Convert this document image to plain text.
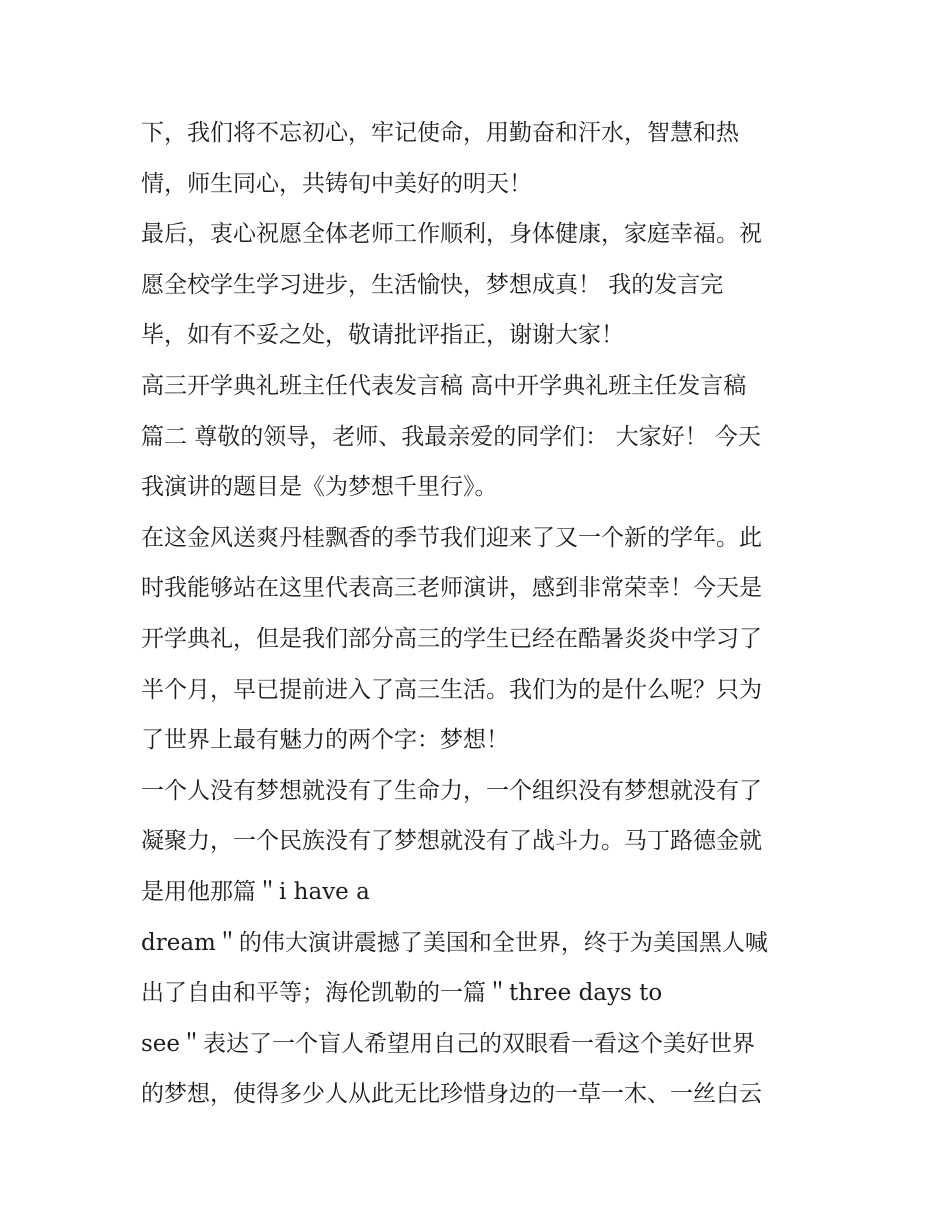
下，我们将不忘初心，牢记使命，用勤奋和汗水，智慧和热
情，师生同心，共铸旬中美好的明天！
最后，衷心祝愿全体老师工作顺利，身体健康，家庭幸福。祝
愿全校学生学习进步，生活愉快，梦想成真！ 我的发言完
毕，如有不妥之处，敬请批评指正，谢谢大家！
高三开学典礼班主任代表发言稿 高中开学典礼班主任发言稿
篇二 尊敬的领导，老师、我最亲爱的同学们： 大家好！ 今天
我演讲的题目是《为梦想千里行》。
在这金风送爽丹桂飘香的季节我们迎来了又一个新的学年。此
时我能够站在这里代表高三老师演讲，感到非常荣幸！今天是
开学典礼，但是我们部分高三的学生已经在酷暑炎炎中学习了
半个月，早已提前进入了高三生活。我们为的是什么呢？只为
了世界上最有魅力的两个字：梦想！
一个人没有梦想就没有了生命力，一个组织没有梦想就没有了
凝聚力，一个民族没有了梦想就没有了战斗力。马丁路德金就
是用他那篇＂i have a
dream＂的伟大演讲震撼了美国和全世界，终于为美国黑人喊
出了自由和平等；海伦凯勒的一篇＂three days to
see＂表达了一个盲人希望用自己的双眼看一看这个美好世界
的梦想，使得多少人从此无比珍惜身边的一草一木、一丝白云
